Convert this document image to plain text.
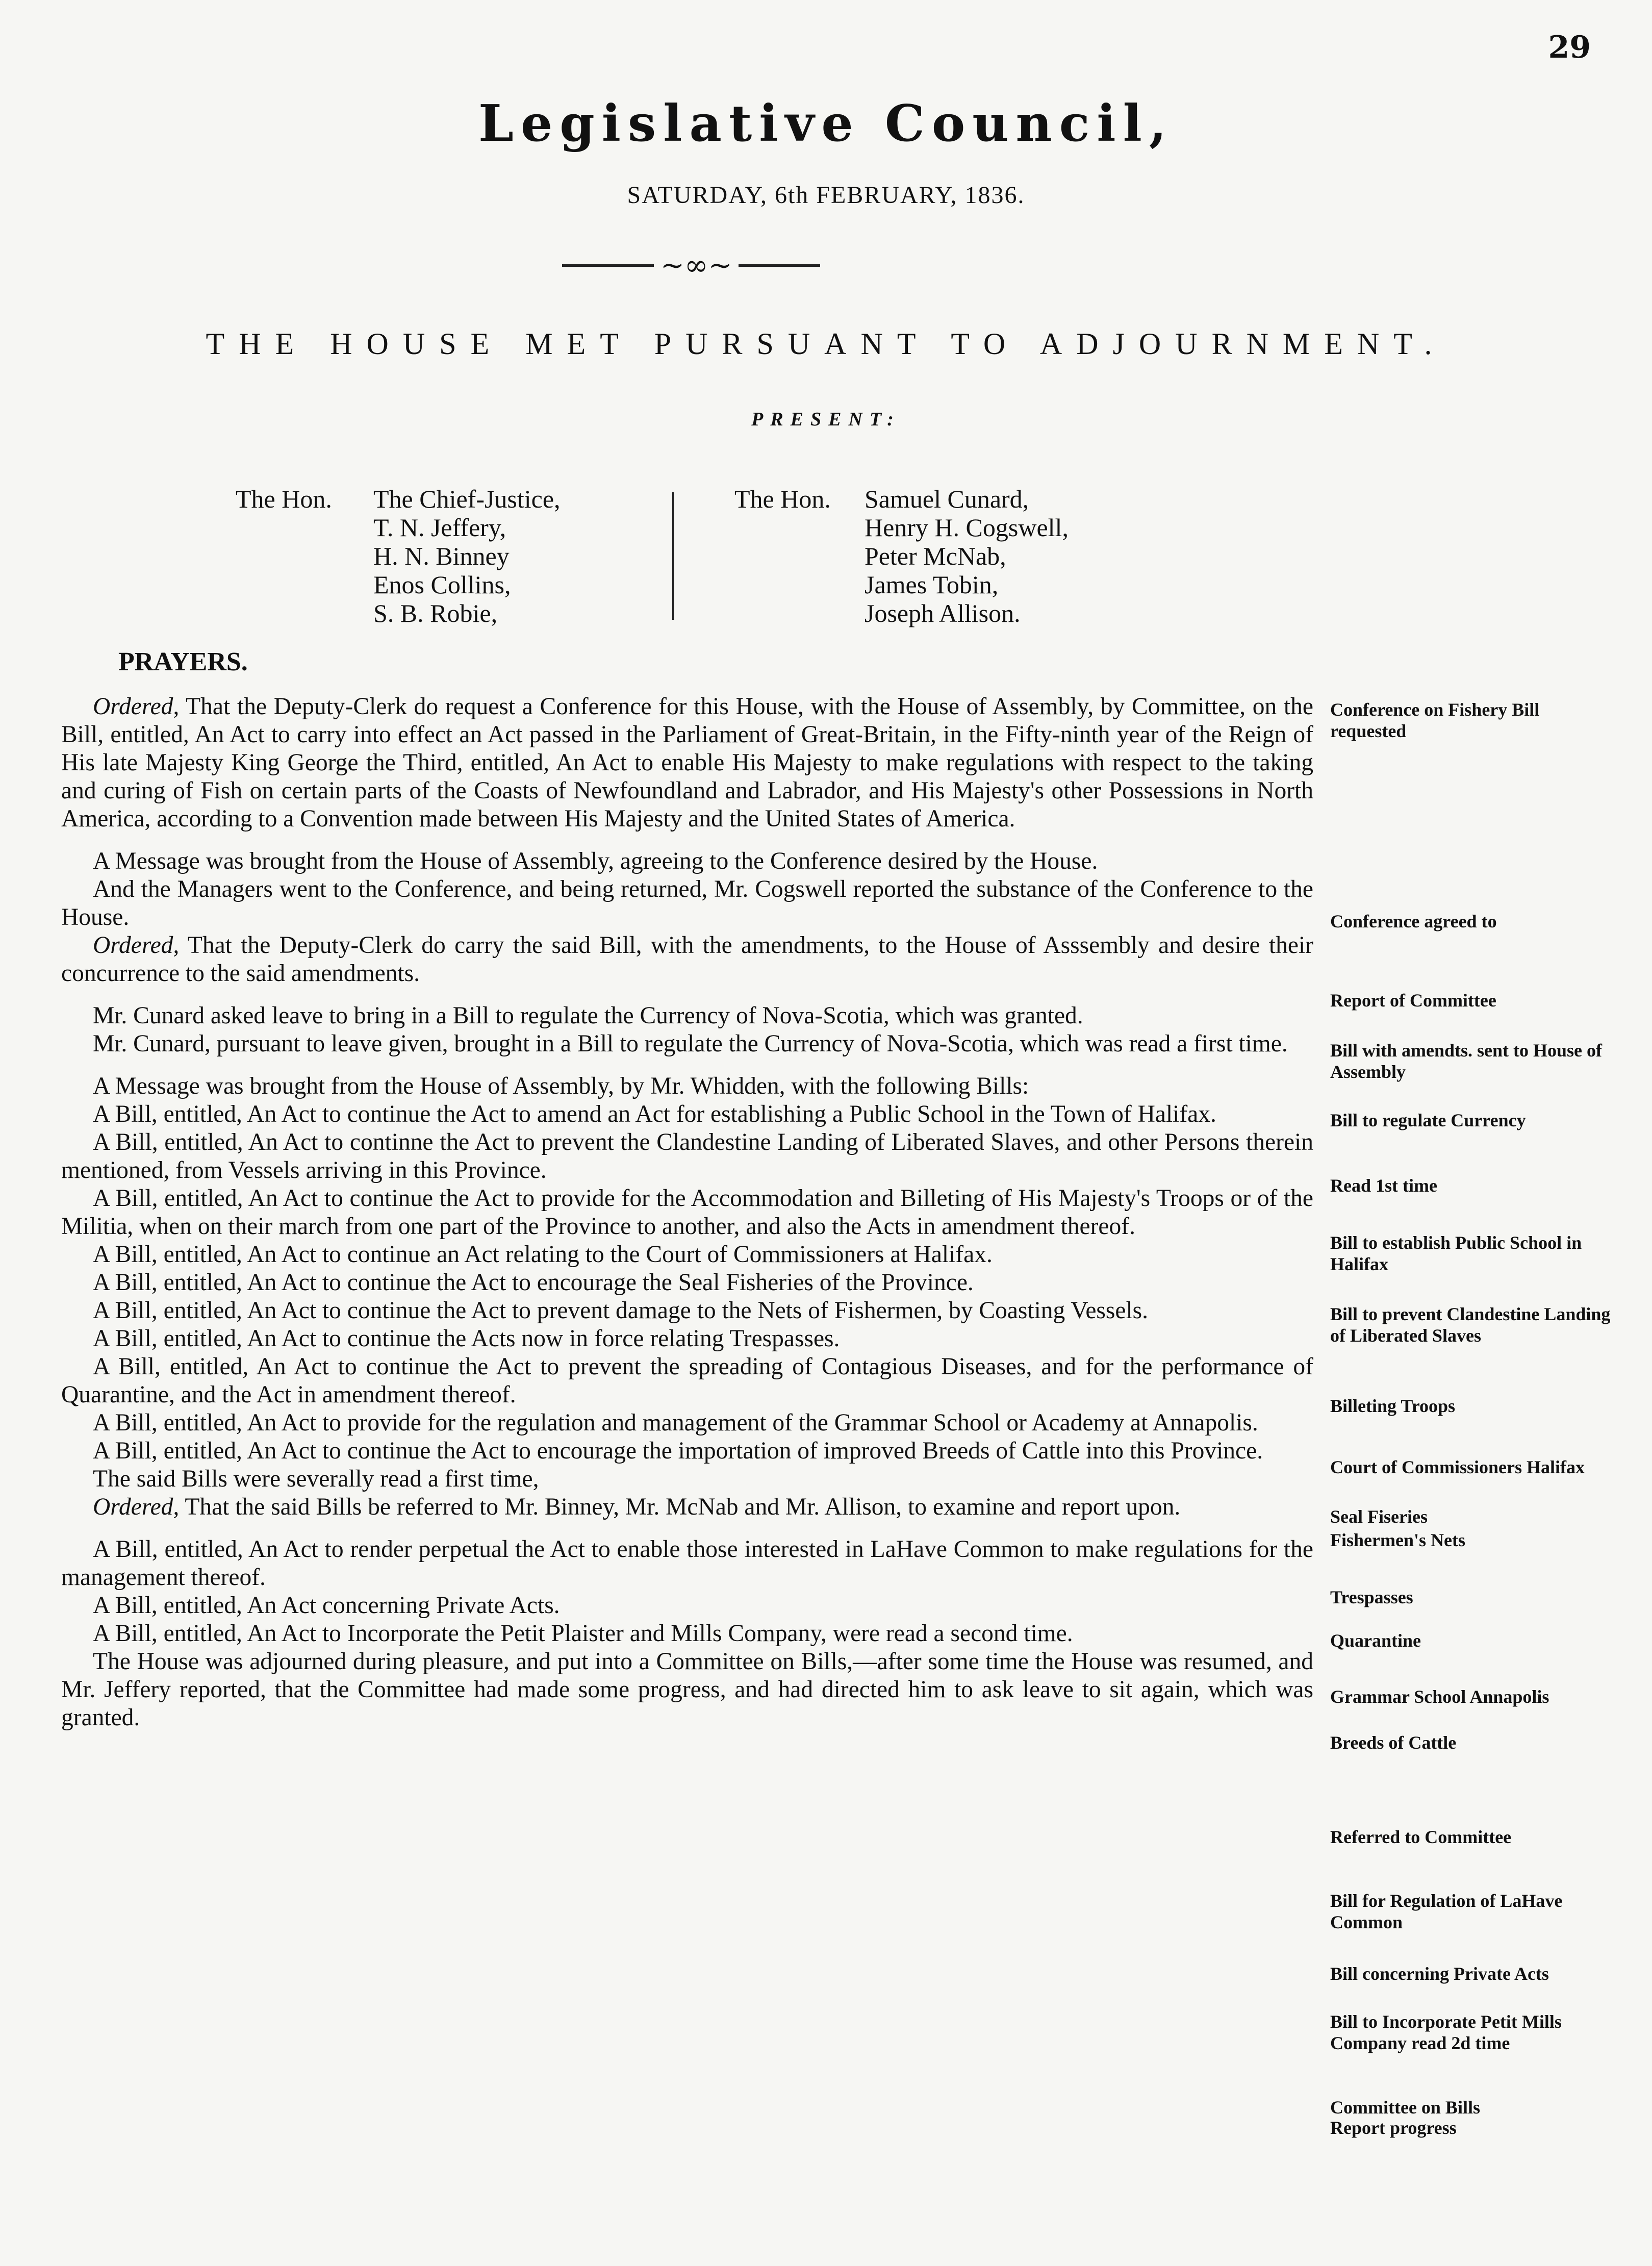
29
Legislative Council,
SATURDAY, 6th FEBRUARY, 1836.
~∞~
THE HOUSE MET PURSUANT TO ADJOURNMENT.
PRESENT:
The Hon. The Chief-Justice,
T. N. Jeffery,
H. N. Binney
Enos Collins,
S. B. Robie,
The Hon. Samuel Cunard,
Henry H. Cogswell,
Peter McNab,
James Tobin,
Joseph Allison.
PRAYERS.

Ordered, That the Deputy-Clerk do request a Conference for this House, with the House of Assembly, by Committee, on the Bill, entitled, An Act to carry into effect an Act passed in the Parliament of Great-Britain, in the Fifty-ninth year of the Reign of His late Majesty King George the Third, entitled, An Act to enable His Majesty to make regulations with respect to the taking and curing of Fish on certain parts of the Coasts of Newfoundland and Labrador, and His Majesty's other Possessions in North America, according to a Convention made between His Majesty and the United States of America.

A Message was brought from the House of Assembly, agreeing to the Conference desired by the House.

And the Managers went to the Conference, and being returned, Mr. Cogswell reported the substance of the Conference to the House.

Ordered, That the Deputy-Clerk do carry the said Bill, with the amendments, to the House of Asssembly and desire their concurrence to the said amendments.

Mr. Cunard asked leave to bring in a Bill to regulate the Currency of Nova-Scotia, which was granted.

Mr. Cunard, pursuant to leave given, brought in a Bill to regulate the Currency of Nova-Scotia, which was read a first time.

A Message was brought from the House of Assembly, by Mr. Whidden, with the following Bills:

A Bill, entitled, An Act to continue the Act to amend an Act for establishing a Public School in the Town of Halifax.

A Bill, entitled, An Act to continne the Act to prevent the Clandestine Landing of Liberated Slaves, and other Persons therein mentioned, from Vessels arriving in this Province.

A Bill, entitled, An Act to continue the Act to provide for the Accommodation and Billeting of His Majesty's Troops or of the Militia, when on their march from one part of the Province to another, and also the Acts in amendment thereof.

A Bill, entitled, An Act to continue an Act relating to the Court of Commissioners at Halifax.

A Bill, entitled, An Act to continue the Act to encourage the Seal Fisheries of the Province.

A Bill, entitled, An Act to continue the Act to prevent damage to the Nets of Fishermen, by Coasting Vessels.

A Bill, entitled, An Act to continue the Acts now in force relating Trespasses.

A Bill, entitled, An Act to continue the Act to prevent the spreading of Contagious Diseases, and for the performance of Quarantine, and the Act in amendment thereof.

A Bill, entitled, An Act to provide for the regulation and management of the Grammar School or Academy at Annapolis.

A Bill, entitled, An Act to continue the Act to encourage the importation of improved Breeds of Cattle into this Province.

The said Bills were severally read a first time,

Ordered, That the said Bills be referred to Mr. Binney, Mr. McNab and Mr. Allison, to examine and report upon.

A Bill, entitled, An Act to render perpetual the Act to enable those interested in LaHave Common to make regulations for the management thereof.

A Bill, entitled, An Act concerning Private Acts.

A Bill, entitled, An Act to Incorporate the Petit Plaister and Mills Company, were read a second time.

The House was adjourned during pleasure, and put into a Committee on Bills,—after some time the House was resumed, and Mr. Jeffery reported, that the Committee had made some progress, and had directed him to ask leave to sit again, which was granted.

Conference on Fishery Bill requested
Conference agreed to
Report of Committee
Bill with amendts. sent to House of Assembly
Bill to regulate Currency
Read 1st time
Bill to establish Public School in Halifax
Bill to prevent Clandestine Landing of Liberated Slaves
Billeting Troops
Court of Commissioners Halifax
Seal Fiseries
Fishermen's Nets
Trespasses
Quarantine
Grammar School Annapolis
Breeds of Cattle
Referred to Committee
Bill for Regulation of LaHave Common
Bill concerning Private Acts
Bill to Incorporate Petit Mills Company read 2d time
Committee on Bills
Report progress
